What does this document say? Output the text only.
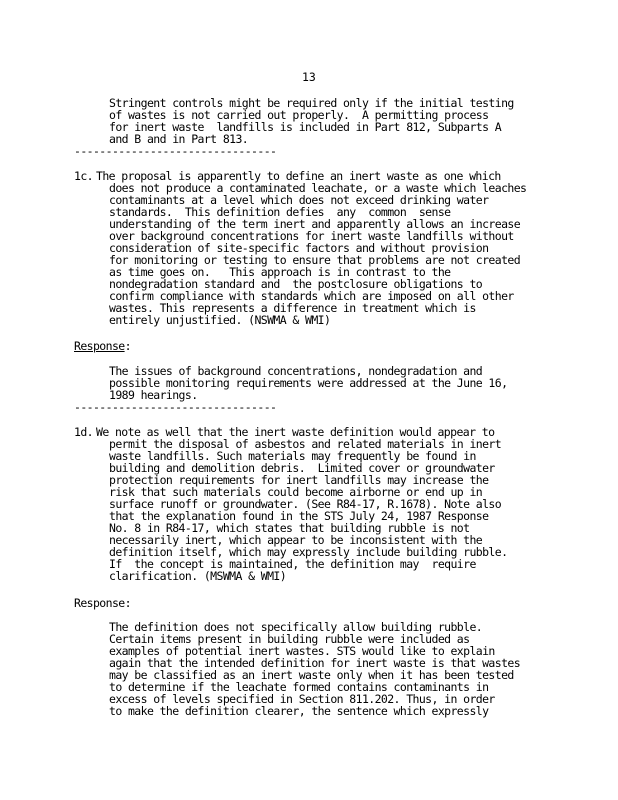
13

Stringent controls might be required only if the initial testing

of wastes is not carried out properly.  A permitting process

for inert waste  landfills is included in Part 812, Subparts A

and B and in Part 813.

--------------------------------

1c. The proposal is apparently to define an inert waste as one which

does not produce a contaminated leachate, or a waste which leaches

contaminants at a level which does not exceed drinking water

standards.  This definition defies  any  common  sense

understanding of the term inert and apparently allows an increase

over background concentrations for inert waste landfills without

consideration of site-specific factors and without provision

for monitoring or testing to ensure that problems are not created

as time goes on.   This approach is in contrast to the

nondegradation standard and  the postclosure obligations to

confirm compliance with standards which are imposed on all other

wastes. This represents a difference in treatment which is

entirely unjustified. (NSWMA & WMI)

Response:

The issues of background concentrations, nondegradation and

possible monitoring requirements were addressed at the June 16,

1989 hearings.

--------------------------------

1d. We note as well that the inert waste definition would appear to

permit the disposal of asbestos and related materials in inert

waste landfills. Such materials may frequently be found in

building and demolition debris.  Limited cover or groundwater

protection requirements for inert landfills may increase the

risk that such materials could become airborne or end up in

surface runoff or groundwater. (See R84-17, R.1678). Note also

that the explanation found in the STS July 24, 1987 Response

No. 8 in R84-17, which states that building rubble is not

necessarily inert, which appear to be inconsistent with the

definition itself, which may expressly include building rubble.

If  the concept is maintained, the definition may  require

clarification. (MSWMA & WMI)

Response:

The definition does not specifically allow building rubble.

Certain items present in building rubble were included as

examples of potential inert wastes. STS would like to explain

again that the intended definition for inert waste is that wastes

may be classified as an inert waste only when it has been tested

to determine if the leachate formed contains contaminants in

excess of levels specified in Section 811.202. Thus, in order

to make the definition clearer, the sentence which expressly
